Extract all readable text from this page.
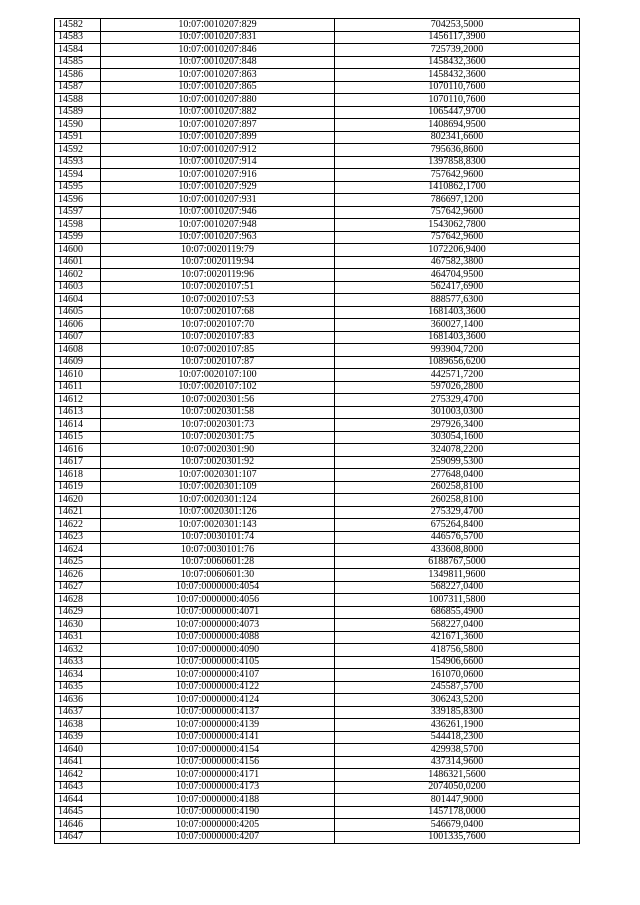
14582	10:07:0010207:829	704253,5000
14583	10:07:0010207:831	1456117,3900
14584	10:07:0010207:846	725739,2000
14585	10:07:0010207:848	1458432,3600
14586	10:07:0010207:863	1458432,3600
14587	10:07:0010207:865	1070110,7600
14588	10:07:0010207:880	1070110,7600
14589	10:07:0010207:882	1065447,9700
14590	10:07:0010207:897	1408694,9500
14591	10:07:0010207:899	802341,6600
14592	10:07:0010207:912	795636,8600
14593	10:07:0010207:914	1397858,8300
14594	10:07:0010207:916	757642,9600
14595	10:07:0010207:929	1410862,1700
14596	10:07:0010207:931	786697,1200
14597	10:07:0010207:946	757642,9600
14598	10:07:0010207:948	1543062,7800
14599	10:07:0010207:963	757642,9600
14600	10:07:0020119:79	1072206,9400
14601	10:07:0020119:94	467582,3800
14602	10:07:0020119:96	464704,9500
14603	10:07:0020107:51	562417,6900
14604	10:07:0020107:53	888577,6300
14605	10:07:0020107:68	1681403,3600
14606	10:07:0020107:70	360027,1400
14607	10:07:0020107:83	1681403,3600
14608	10:07:0020107:85	993904,7200
14609	10:07:0020107:87	1089656,6200
14610	10:07:0020107:100	442571,7200
14611	10:07:0020107:102	597026,2800
14612	10:07:0020301:56	275329,4700
14613	10:07:0020301:58	301003,0300
14614	10:07:0020301:73	297926,3400
14615	10:07:0020301:75	303054,1600
14616	10:07:0020301:90	324078,2200
14617	10:07:0020301:92	259099,5300
14618	10:07:0020301:107	277648,0400
14619	10:07:0020301:109	260258,8100
14620	10:07:0020301:124	260258,8100
14621	10:07:0020301:126	275329,4700
14622	10:07:0020301:143	675264,8400
14623	10:07:0030101:74	446576,5700
14624	10:07:0030101:76	433608,8000
14625	10:07:0060601:28	6188767,5000
14626	10:07:0060601:30	1349811,9600
14627	10:07:0000000:4054	568227,0400
14628	10:07:0000000:4056	1007311,5800
14629	10:07:0000000:4071	686855,4900
14630	10:07:0000000:4073	568227,0400
14631	10:07:0000000:4088	421671,3600
14632	10:07:0000000:4090	418756,5800
14633	10:07:0000000:4105	154906,6600
14634	10:07:0000000:4107	161070,0600
14635	10:07:0000000:4122	245587,5700
14636	10:07:0000000:4124	306243,5200
14637	10:07:0000000:4137	339185,8300
14638	10:07:0000000:4139	436261,1900
14639	10:07:0000000:4141	544418,2300
14640	10:07:0000000:4154	429938,5700
14641	10:07:0000000:4156	437314,9600
14642	10:07:0000000:4171	1486321,5600
14643	10:07:0000000:4173	2074050,0200
14644	10:07:0000000:4188	801447,9000
14645	10:07:0000000:4190	1457178,0000
14646	10:07:0000000:4205	546679,0400
14647	10:07:0000000:4207	1001335,7600
